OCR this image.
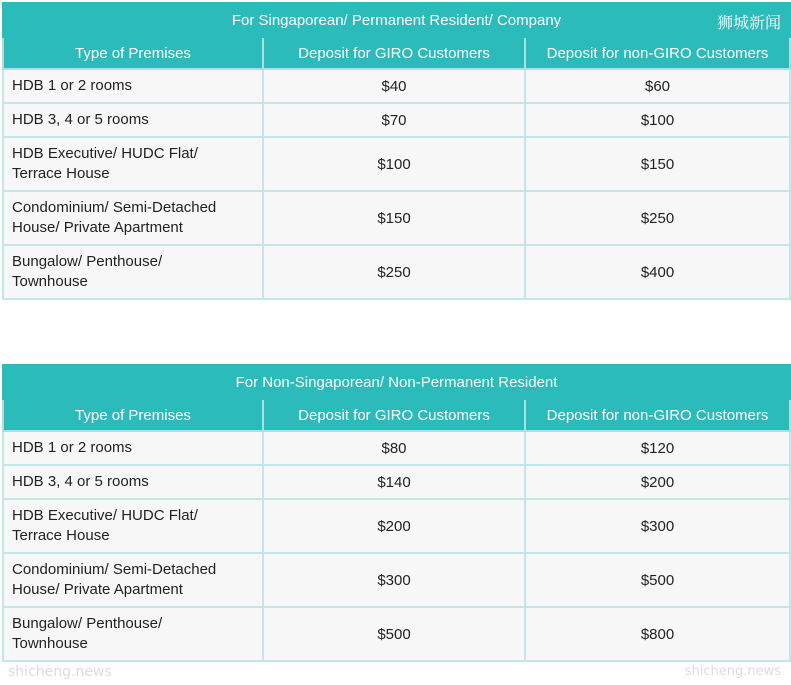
For Singaporean/ Permanent Resident/ Company 狮城新闻		

Type of Premises	Deposit for GIRO Customers	Deposit for non-GIRO Customers
HDB 1 or 2 rooms	$40	$60
HDB 3, 4 or 5 rooms	$70	$100
HDB Executive/ HUDC Flat/
Terrace House	$100	$150
Condominium/ Semi-Detached
House/ Private Apartment	$150	$250
Bungalow/ Penthouse/
Townhouse	$250	$400
For Non-Singaporean/ Non-Permanent Resident		
Type of Premises	Deposit for GIRO Customers	Deposit for non-GIRO Customers
HDB 1 or 2 rooms	$80	$120
HDB 3, 4 or 5 rooms	$140	$200
HDB Executive/ HUDC Flat/
Terrace House	$200	$300
Condominium/ Semi-Detached
House/ Private Apartment	$300	$500
Bungalow/ Penthouse/
Townhouse	$500	$800
shicheng.news	shicheng.news
